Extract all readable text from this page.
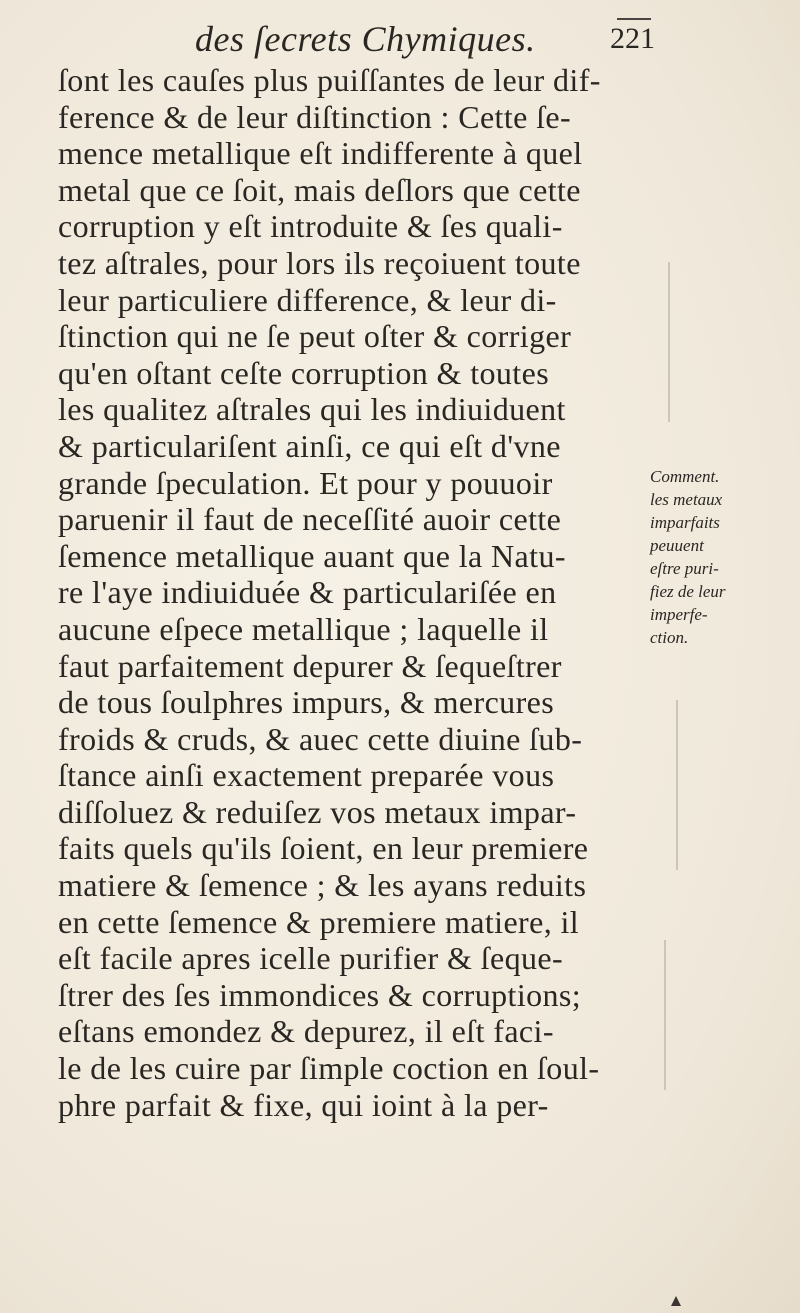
des ſecrets Chymiques. 221
ſont les cauſes plus puiſſantes de leur dif-
ference & de leur diſtinction : Cette ſe-
mence metallique eſt indifferente à quel
metal que ce ſoit, mais deſlors que cette
corruption y eſt introduite & ſes quali-
tez aſtrales, pour lors ils reçoiuent toute
leur particuliere difference, & leur di-
ſtinction qui ne ſe peut oſter & corriger
qu'en oſtant ceſte corruption & toutes
les qualitez aſtrales qui les indiuiduent
& particulariſent ainſi, ce qui eſt d'vne
grande ſpeculation. Et pour y pouuoir
paruenir il faut de neceſſité auoir cette
ſemence metallique auant que la Natu-
re l'aye indiuiduée & particulariſée en
aucune eſpece metallique ; laquelle il
faut parfaitement depurer & ſequeſtrer
de tous ſoulphres impurs, & mercures
froids & cruds, & auec cette diuine ſub-
ſtance ainſi exactement preparée vous
diſſoluez & reduiſez vos metaux impar-
faits quels qu'ils ſoient, en leur premiere
matiere & ſemence ; & les ayans reduits
en cette ſemence & premiere matiere, il
eſt facile apres icelle purifier & ſeque-
ſtrer des ſes immondices & corruptions;
eſtans emondez & depurez, il eſt faci-
le de les cuire par ſimple coction en ſoul-
phre parfait & fixe, qui ioint à la per-
Comment.
les metaux
imparfaits
peuuent
eſtre puri-
fiez de leur
imperfe-
ction.
